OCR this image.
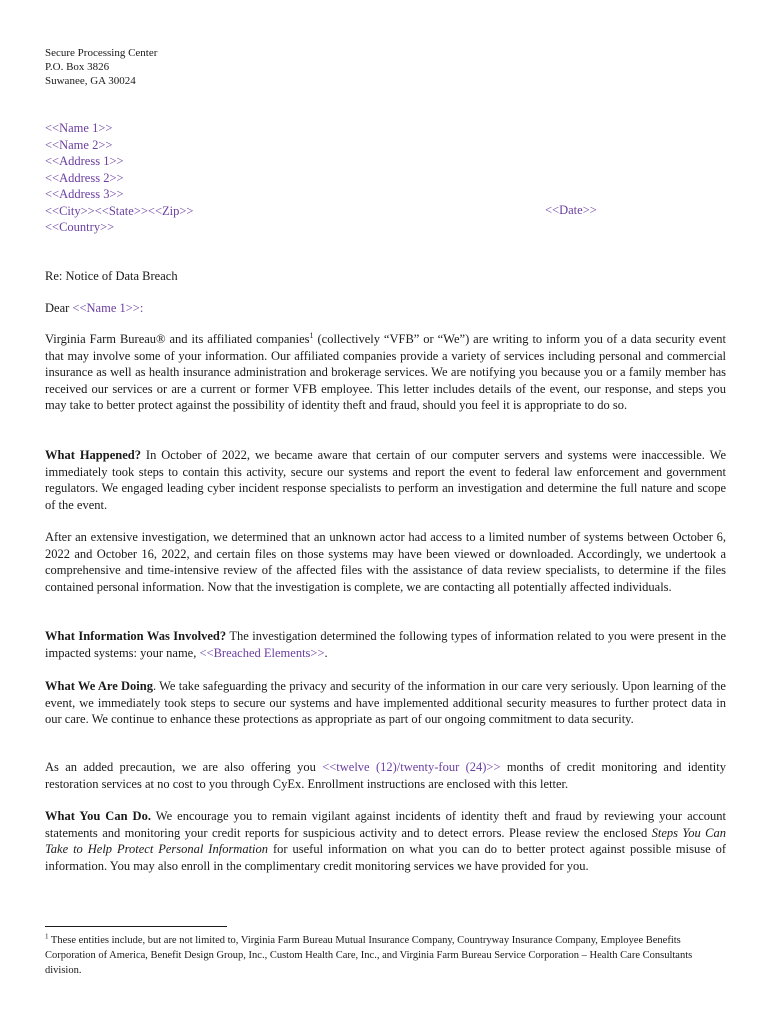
Secure Processing Center
P.O. Box 3826
Suwanee, GA 30024
<<Name 1>>
<<Name 2>>
<<Address 1>>
<<Address 2>>
<<Address 3>>
<<City>><<State>><<Zip>>
<<Country>>
<<Date>>
Re: Notice of Data Breach
Dear <<Name 1>>:

Virginia Farm Bureau® and its affiliated companies$^1$ (collectively “VFB” or “We”) are writing to inform you of a data security event that may involve some of your information. Our affiliated companies provide a variety of services including personal and commercial insurance as well as health insurance administration and brokerage services. We are notifying you because you or a family member has received our services or are a current or former VFB employee. This letter includes details of the event, our response, and steps you may take to better protect against the possibility of identity theft and fraud, should you feel it is appropriate to do so.

What Happened? In October of 2022, we became aware that certain of our computer servers and systems were inaccessible. We immediately took steps to contain this activity, secure our systems and report the event to federal law enforcement and government regulators. We engaged leading cyber incident response specialists to perform an investigation and determine the full nature and scope of the event.

After an extensive investigation, we determined that an unknown actor had access to a limited number of systems between October 6, 2022 and October 16, 2022, and certain files on those systems may have been viewed or downloaded. Accordingly, we undertook a comprehensive and time-intensive review of the affected files with the assistance of data review specialists, to determine if the files contained personal information. Now that the investigation is complete, we are contacting all potentially affected individuals.

What Information Was Involved? The investigation determined the following types of information related to you were present in the impacted systems: your name, <<Breached Elements>>.

What We Are Doing. We take safeguarding the privacy and security of the information in our care very seriously. Upon learning of the event, we immediately took steps to secure our systems and have implemented additional security measures to further protect data in our care. We continue to enhance these protections as appropriate as part of our ongoing commitment to data security.

As an added precaution, we are also offering you <<twelve (12)/twenty-four (24)>> months of credit monitoring and identity restoration services at no cost to you through CyEx. Enrollment instructions are enclosed with this letter.

What You Can Do. We encourage you to remain vigilant against incidents of identity theft and fraud by reviewing your account statements and monitoring your credit reports for suspicious activity and to detect errors. Please review the enclosed Steps You Can Take to Help Protect Personal Information for useful information on what you can do to better protect against possible misuse of information. You may also enroll in the complimentary credit monitoring services we have provided for you.

$^1$ These entities include, but are not limited to, Virginia Farm Bureau Mutual Insurance Company, Countryway Insurance Company, Employee Benefits Corporation of America, Benefit Design Group, Inc., Custom Health Care, Inc., and Virginia Farm Bureau Service Corporation – Health Care Consultants division.
